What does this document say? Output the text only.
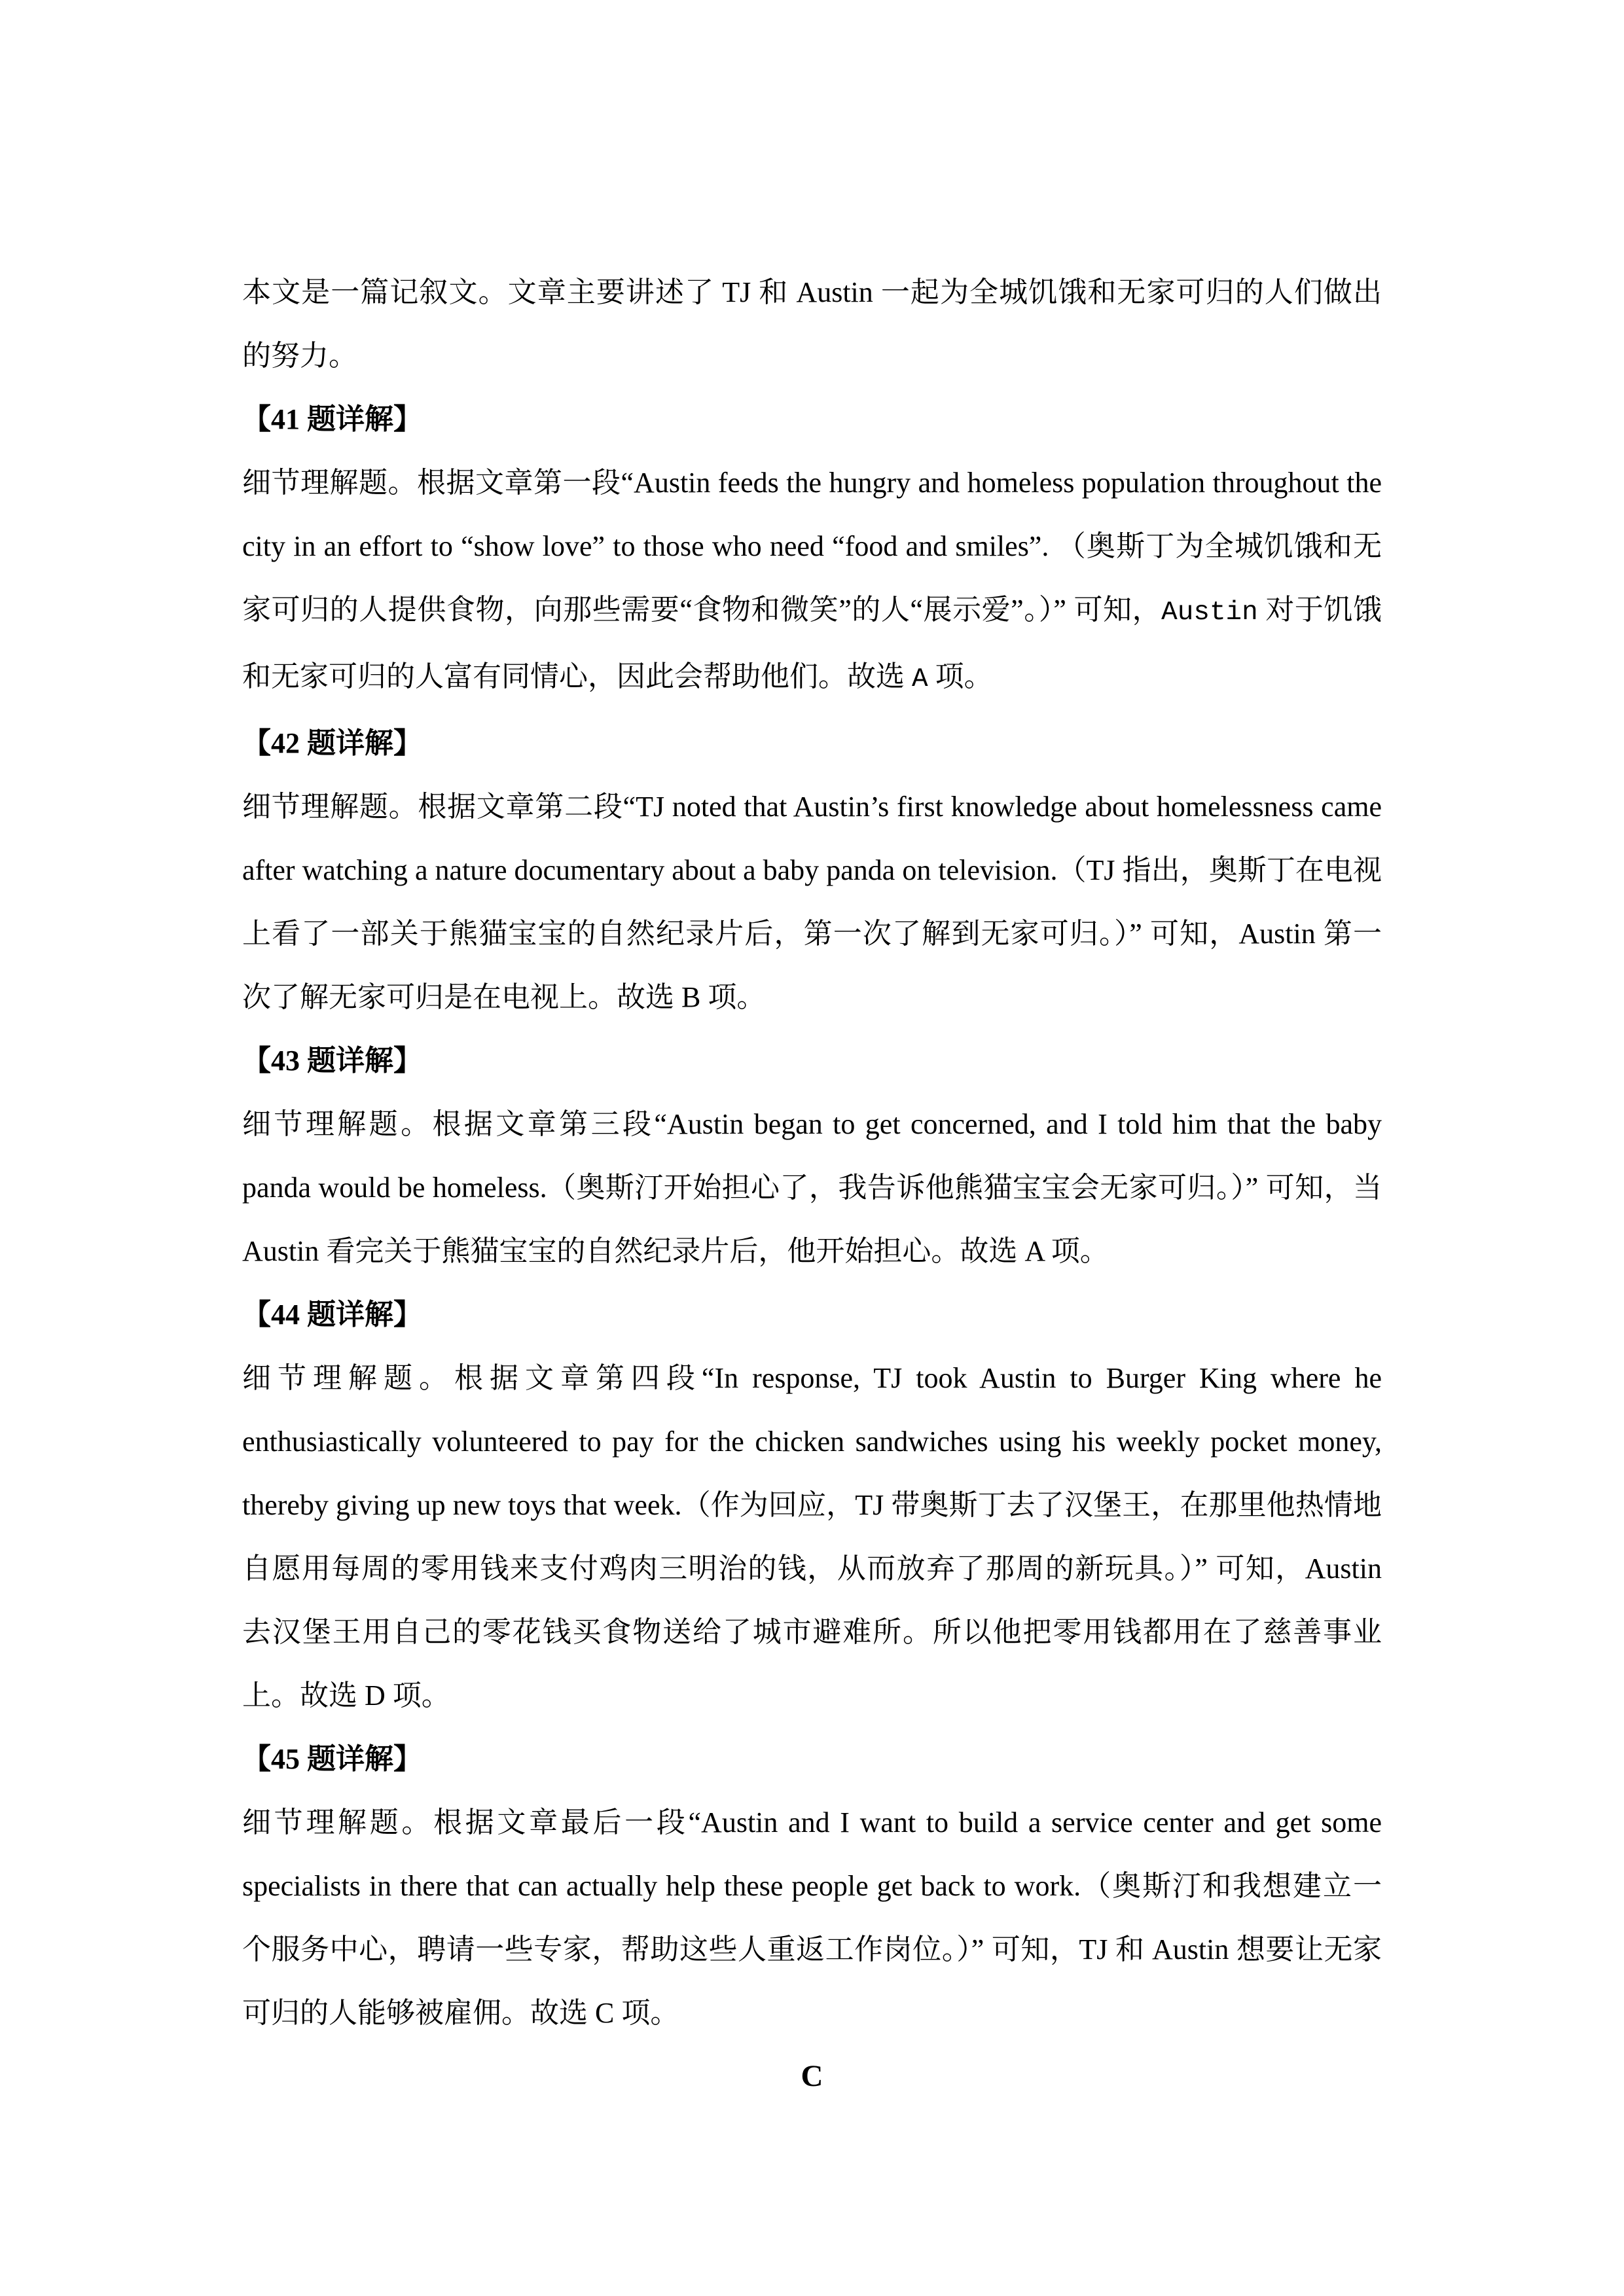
本文是一篇记叙文。文章主要讲述了 TJ 和 Austin 一起为全城饥饿和无家可归的人们做出的努力。

【41 题详解】

细节理解题。根据文章第一段“Austin feeds the hungry and homeless population throughout the city in an effort to “show love” to those who need “food and smiles”. （奥斯丁为全城饥饿和无家可归的人提供食物，向那些需要“食物和微笑”的人“展示爱”。）” 可知，Austin 对于饥饿和无家可归的人富有同情心，因此会帮助他们。故选 A 项。

【42 题详解】

细节理解题。根据文章第二段“TJ noted that Austin’s first knowledge about homelessness came after watching a nature documentary about a baby panda on television.（TJ 指出，奥斯丁在电视上看了一部关于熊猫宝宝的自然纪录片后，第一次了解到无家可归。）” 可知，Austin 第一次了解无家可归是在电视上。故选 B 项。

【43 题详解】

细节理解题。根据文章第三段“Austin began to get concerned, and I told him that the baby panda would be homeless.（奥斯汀开始担心了，我告诉他熊猫宝宝会无家可归。）” 可知，当 Austin 看完关于熊猫宝宝的自然纪录片后，他开始担心。故选 A 项。

【44 题详解】

细节理解题。根据文章第四段“In response, TJ took Austin to Burger King where he enthusiastically volunteered to pay for the chicken sandwiches using his weekly pocket money, thereby giving up new toys that week.（作为回应，TJ 带奥斯丁去了汉堡王，在那里他热情地自愿用每周的零用钱来支付鸡肉三明治的钱，从而放弃了那周的新玩具。）” 可知，Austin 去汉堡王用自己的零花钱买食物送给了城市避难所。所以他把零用钱都用在了慈善事业上。故选 D 项。

【45 题详解】

细节理解题。根据文章最后一段“Austin and I want to build a service center and get some specialists in there that can actually help these people get back to work.（奥斯汀和我想建立一个服务中心，聘请一些专家，帮助这些人重返工作岗位。）” 可知，TJ 和 Austin 想要让无家可归的人能够被雇佣。故选 C 项。

C
